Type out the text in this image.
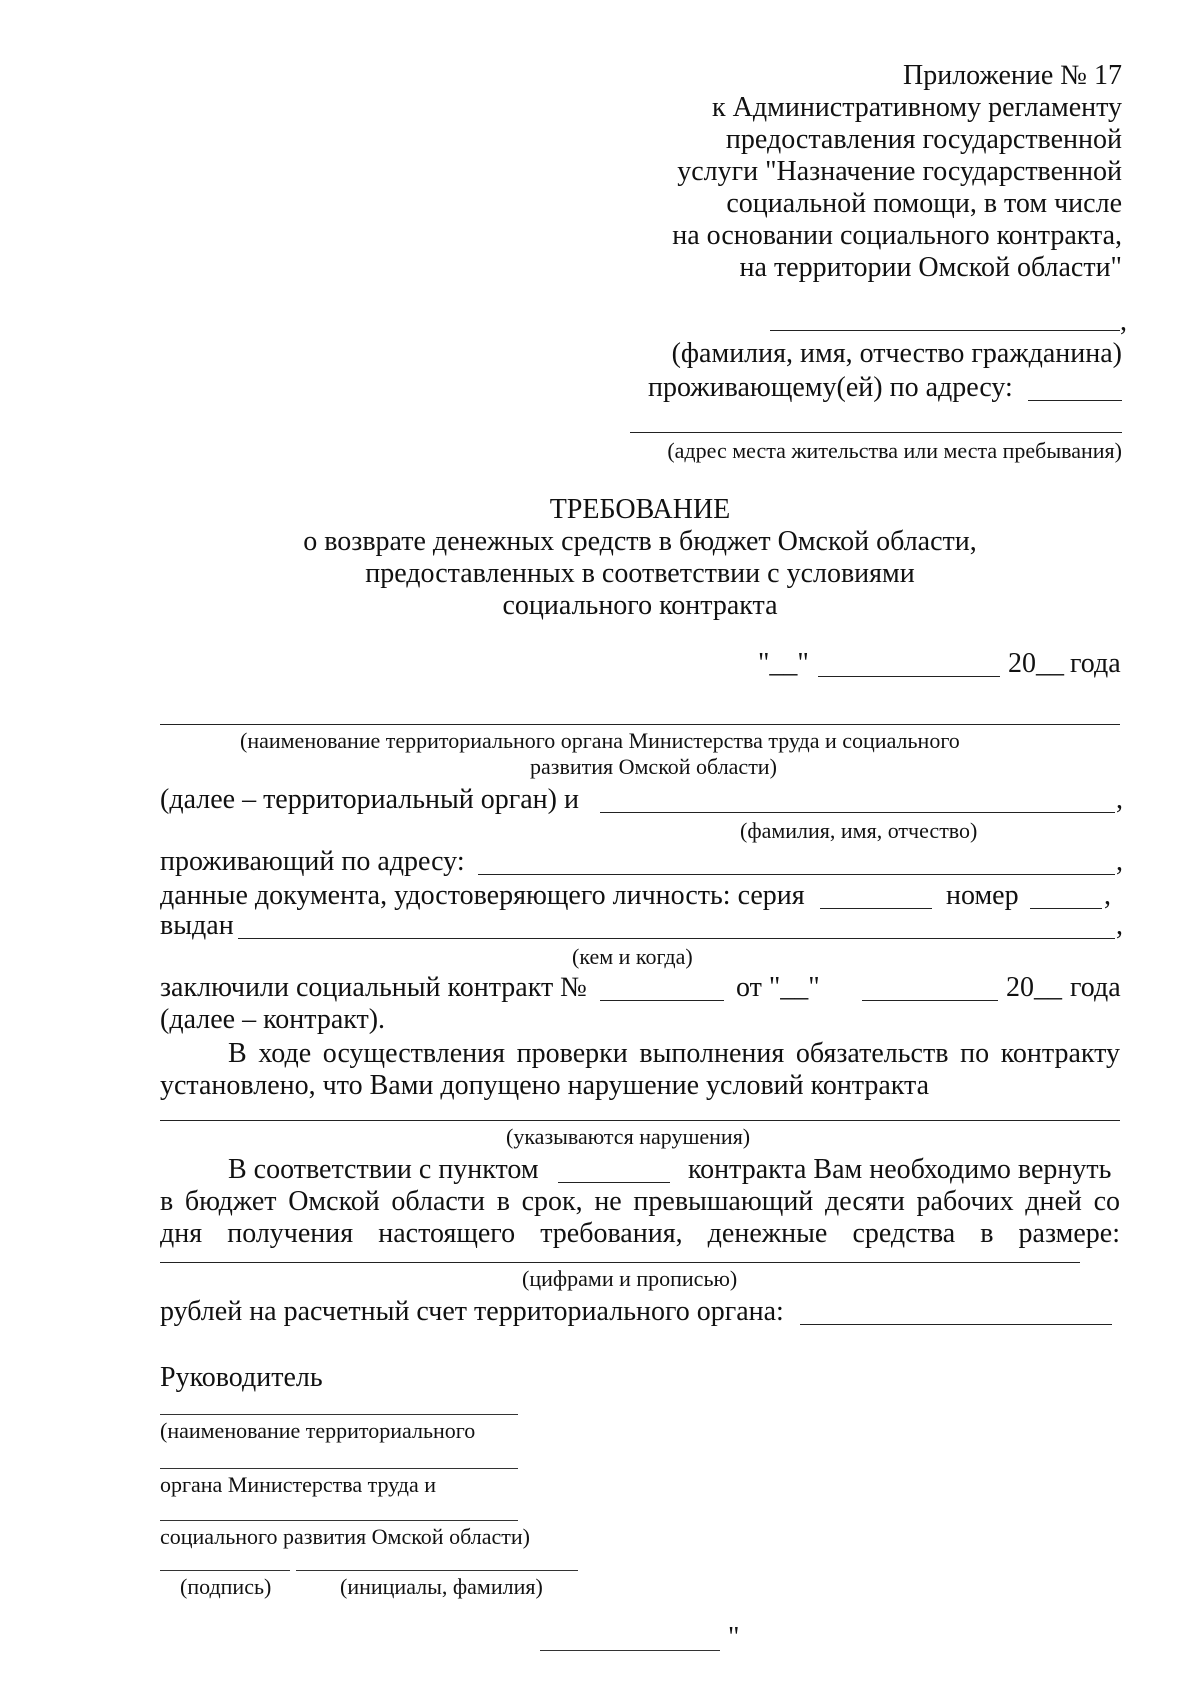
Приложение № 17
к Административному регламенту
предоставления государственной
услуги "Назначение государственной
социальной помощи, в том числе
на основании социального контракта,
на территории Омской области"
,
(фамилия, имя, отчество гражданина)
проживающему(ей) по адресу:
(адрес места жительства или места пребывания)
ТРЕБОВАНИЕ
о возврате денежных средств в бюджет Омской области,
предоставленных в соответствии с условиями
социального контракта
"__"	20__ года
(наименование территориального органа Министерства труда и социального
развития Омской области)
(далее – территориальный орган) и	,
(фамилия, имя, отчество)
проживающий по адресу:	,
данные документа, удостоверяющего личность: серия	номер	,
выдан	,
(кем и когда)
заключили социальный контракт №	от "__"	20__ года
(далее – контракт).
В ходе осуществления проверки выполнения обязательств по контракту
установлено, что Вами допущено нарушение условий контракта
(указываются нарушения)
В соответствии с пунктом	контракта Вам необходимо вернуть
в бюджет Омской области в срок, не превышающий десяти рабочих дней со
дня получения настоящего требования, денежные средства в размере:
(цифрами и прописью)
рублей на расчетный счет территориального органа:
Руководитель
(наименование территориального
органа Министерства труда и
социального развития Омской области)
(подпись)	(инициалы, фамилия)
"
